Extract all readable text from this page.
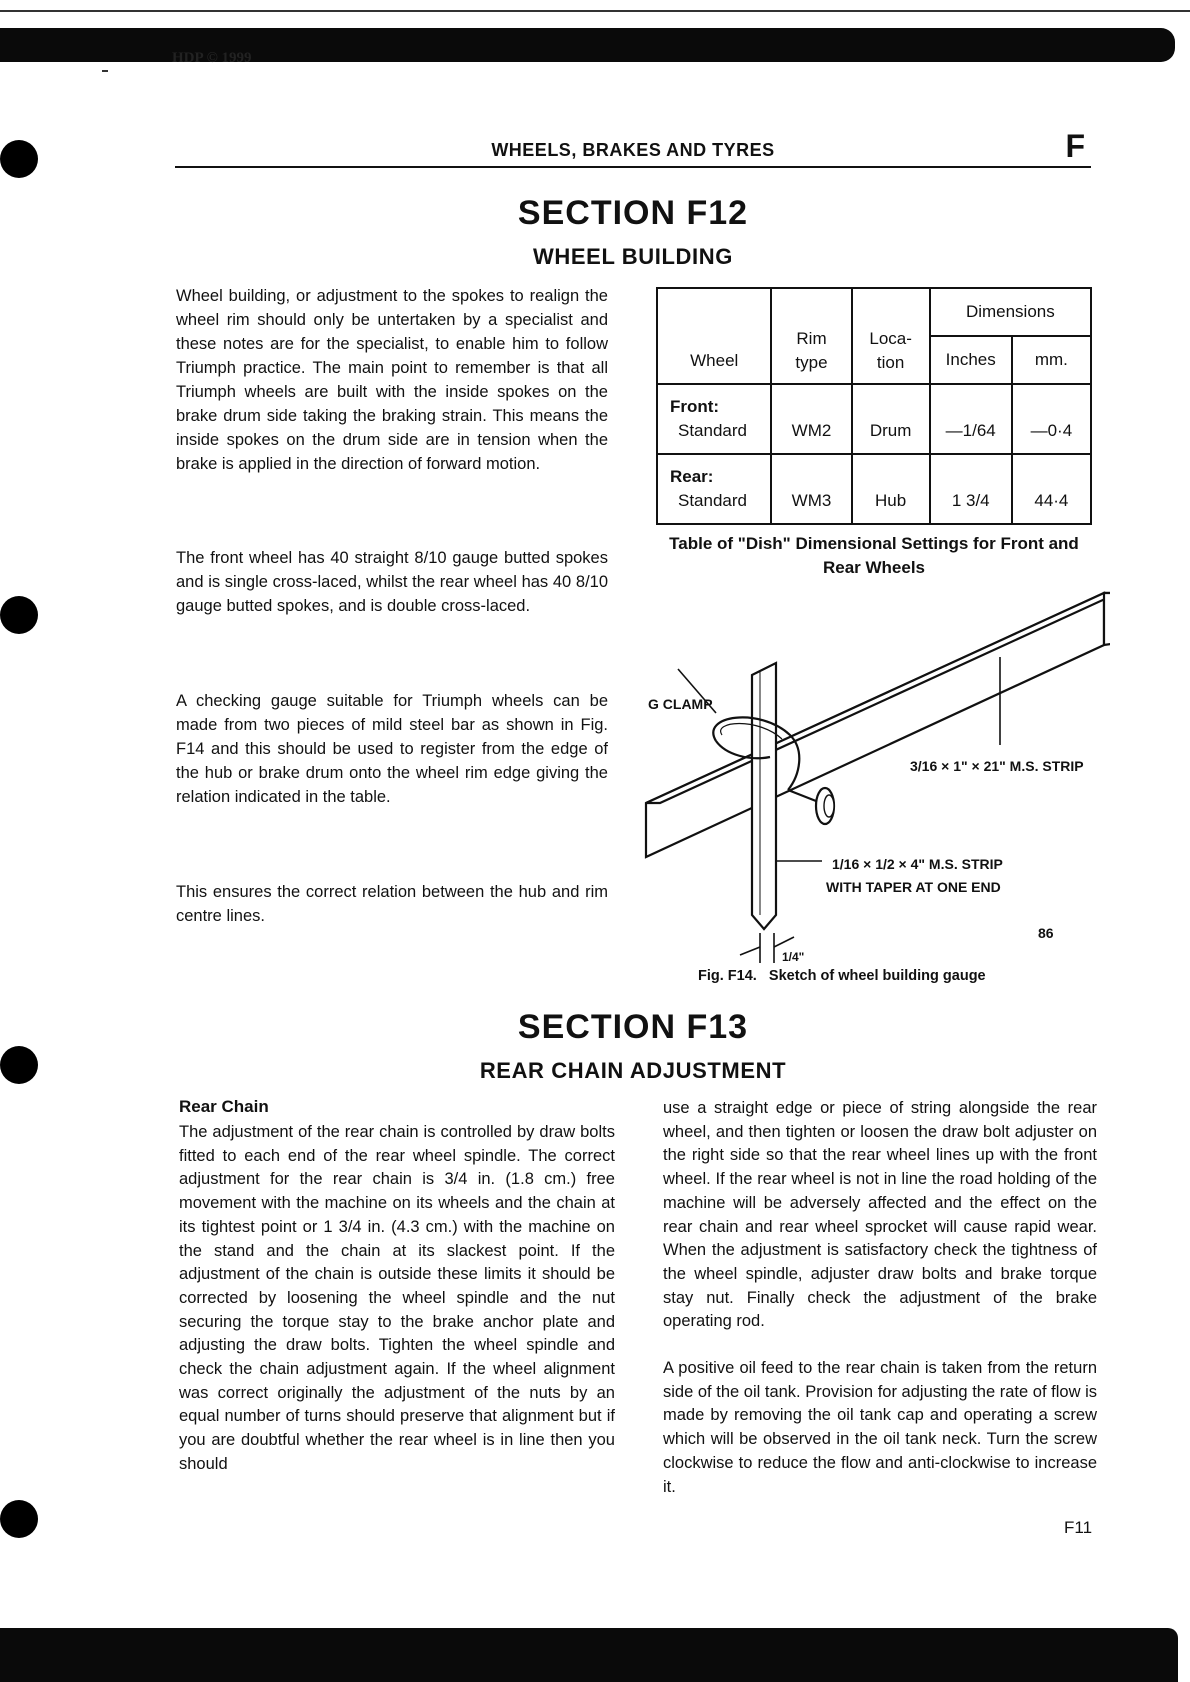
HDP © 1999
WHEELS, BRAKES AND TYRES	F
SECTION F12
WHEEL BUILDING
Wheel building, or adjustment to the spokes to realign the wheel rim should only be untertaken by a specialist and these notes are for the specialist, to enable him to follow Triumph practice. The main point to remember is that all Triumph wheels are built with the inside spokes on the brake drum side taking the braking strain. This means the inside spokes on the drum side are in tension when the brake is applied in the direction of forward motion.
The front wheel has 40 straight 8/10 gauge butted spokes and is single cross-laced, whilst the rear wheel has 40 8/10 gauge butted spokes, and is double cross-laced.
A checking gauge suitable for Triumph wheels can be made from two pieces of mild steel bar as shown in Fig. F14 and this should be used to register from the edge of the hub or brake drum onto the wheel rim edge giving the relation indicated in the table.
This ensures the correct relation between the hub and rim centre lines.
Wheel	Rim type	Loca-tion	Dimensions	
			Inches	mm.

Front:
Standard	WM2	Drum	—1/64	—0·4

Rear:
Standard	WM3	Hub	1 3/4	44·4
Table of "Dish" Dimensional Settings for Front and Rear Wheels
G CLAMP
3/16 × 1" × 21" M.S. STRIP
1/16 × 1/2 × 4" M.S. STRIP
WITH TAPER AT ONE END
1/4"
86
Fig. F14.   Sketch of wheel building gauge
SECTION F13
REAR CHAIN ADJUSTMENT
Rear Chain
The adjustment of the rear chain is controlled by draw bolts fitted to each end of the rear wheel spindle. The correct adjustment for the rear chain is 3/4 in. (1.8 cm.) free movement with the machine on its wheels and the chain at its tightest point or 1 3/4 in. (4.3 cm.) with the machine on the stand and the chain at its slackest point. If the adjustment of the chain is outside these limits it should be corrected by loosening the wheel spindle and the nut securing the torque stay to the brake anchor plate and adjusting the draw bolts. Tighten the wheel spindle and check the chain adjustment again. If the wheel alignment was correct originally the adjustment of the nuts by an equal number of turns should preserve that alignment but if you are doubtful whether the rear wheel is in line then you should
use a straight edge or piece of string alongside the rear wheel, and then tighten or loosen the draw bolt adjuster on the right side so that the rear wheel lines up with the front wheel. If the rear wheel is not in line the road holding of the machine will be adversely affected and the effect on the rear chain and rear wheel sprocket will cause rapid wear. When the adjustment is satisfactory check the tightness of the wheel spindle, adjuster draw bolts and brake torque stay nut. Finally check the adjustment of the brake operating rod.
A positive oil feed to the rear chain is taken from the return side of the oil tank. Provision for adjusting the rate of flow is made by removing the oil tank cap and operating a screw which will be observed in the oil tank neck. Turn the screw clockwise to reduce the flow and anti-clockwise to increase it.
F11
